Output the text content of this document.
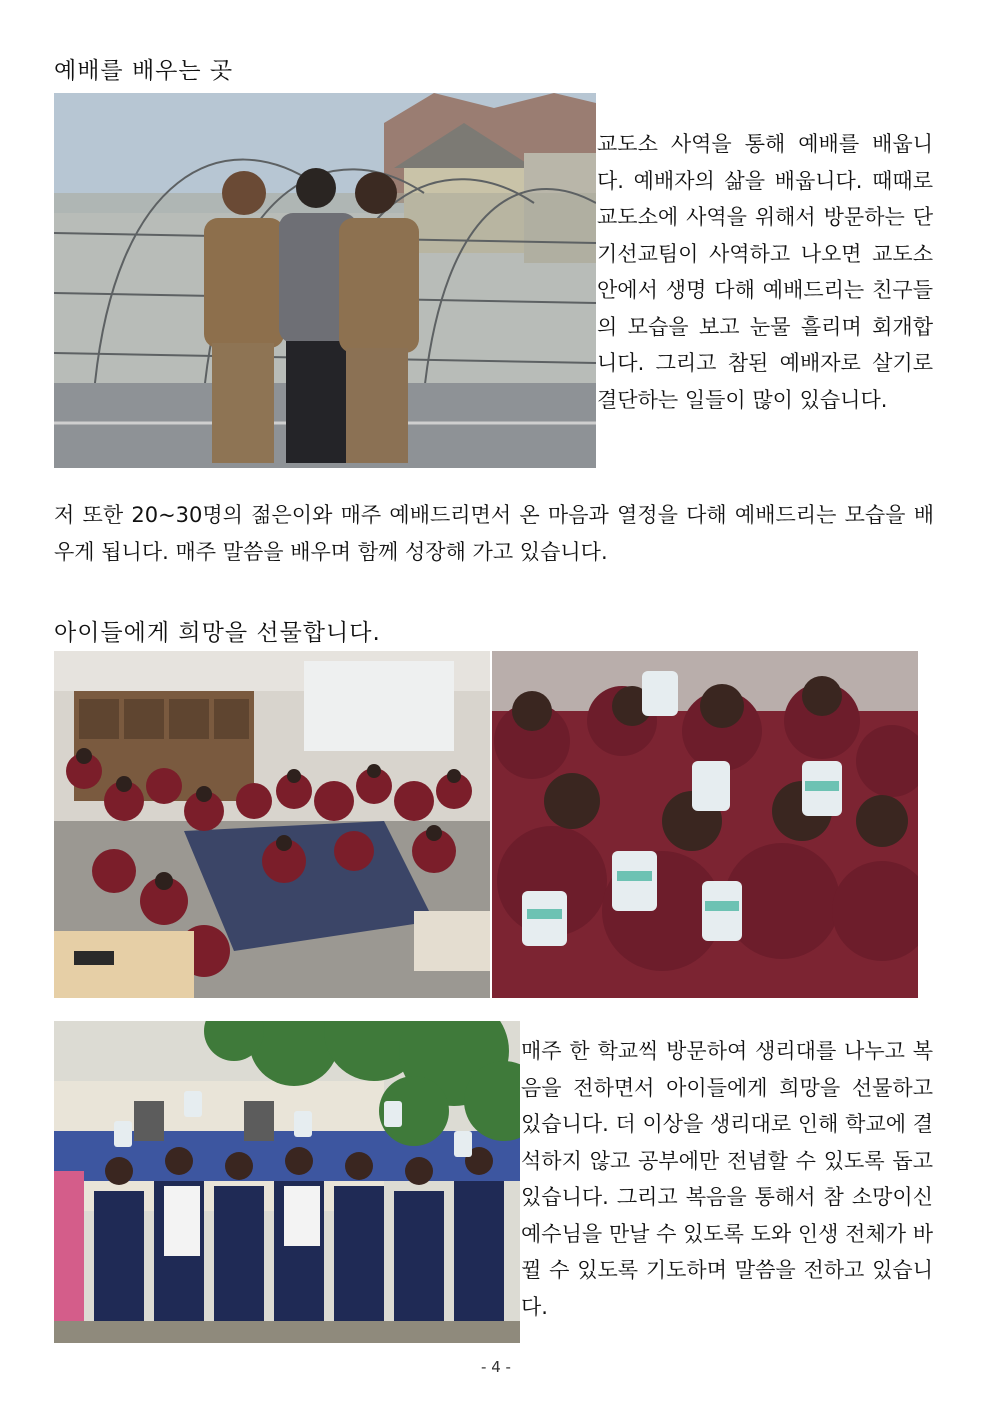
예배를 배우는 곳

교도소 사역을 통해 예배를 배웁니다. 예배자의 삶을 배웁니다. 때때로 교도소에 사역을 위해서 방문하는 단기선교팀이 사역하고 나오면 교도소 안에서 생명 다해 예배드리는 친구들의 모습을 보고 눈물 흘리며 회개합니다. 그리고 참된 예배자로 살기로 결단하는 일들이 많이 있습니다.

저 또한 20~30명의 젊은이와 매주 예배드리면서 온 마음과 열정을 다해 예배드리는 모습을 배우게 됩니다. 매주 말씀을 배우며 함께 성장해 가고 있습니다.
아이들에게 희망을 선물합니다.

매주 한 학교씩 방문하여 생리대를 나누고 복음을 전하면서 아이들에게 희망을 선물하고 있습니다. 더 이상을 생리대로 인해 학교에 결석하지 않고 공부에만 전념할 수 있도록 돕고 있습니다. 그리고 복음을 통해서 참 소망이신 예수님을 만날 수 있도록 도와 인생 전체가 바뀔 수 있도록 기도하며 말씀을 전하고 있습니다.

- 4 -
